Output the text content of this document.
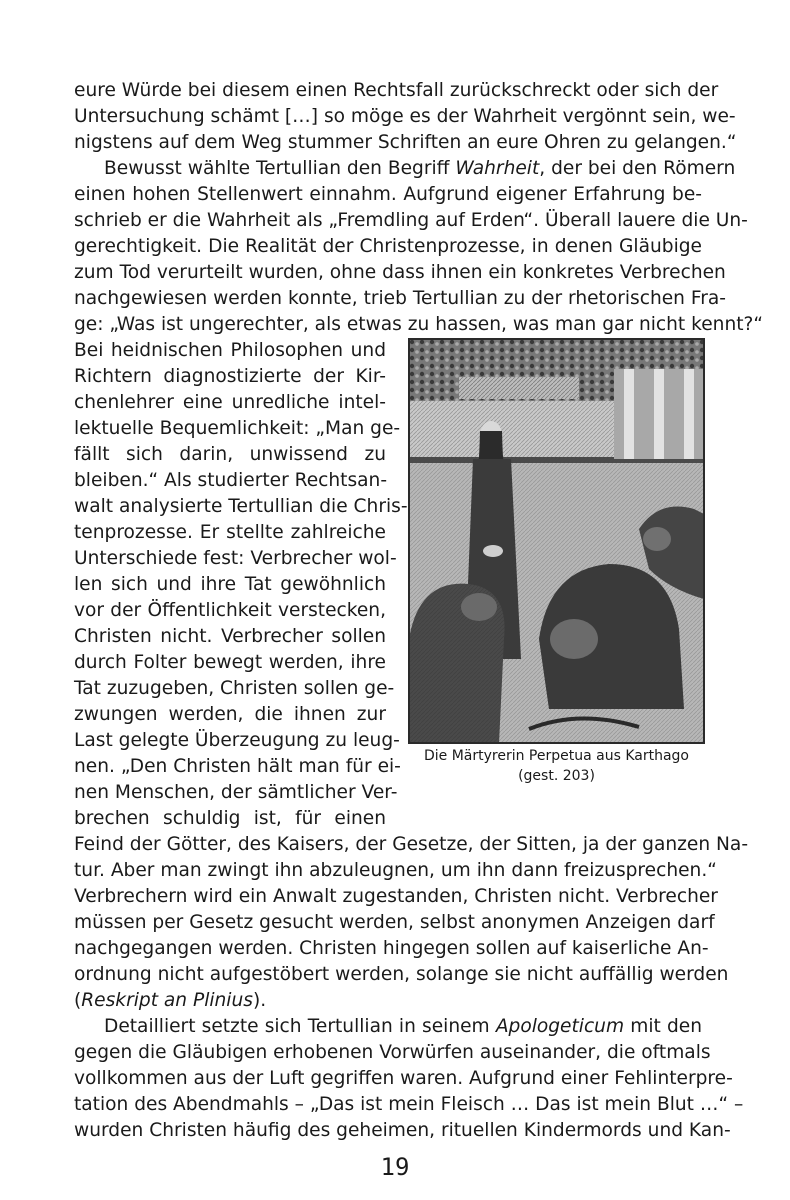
eure Würde bei diesem einen Rechtsfall zurückschreckt oder sich der
Untersuchung schämt […] so möge es der Wahrheit vergönnt sein, we-
nigstens auf dem Weg stummer Schriften an eure Ohren zu gelangen.“
Bewusst wählte Tertullian den Begriff Wahrheit, der bei den Römern
einen hohen Stellenwert einnahm. Aufgrund eigener Erfahrung be-
schrieb er die Wahrheit als „Fremdling auf Erden“. Überall lauere die Un-
gerechtigkeit. Die Realität der Christenprozesse, in denen Gläubige
zum Tod verurteilt wurden, ohne dass ihnen ein konkretes Verbrechen
nachgewiesen werden konnte, trieb Tertullian zu der rhetorischen Fra-
ge: „Was ist ungerechter, als etwas zu hassen, was man gar nicht kennt?“
Bei heidnischen Philosophen und
Richtern diagnostizierte der Kir-
chenlehrer eine unredliche intel-
lektuelle Bequemlichkeit: „Man ge-
fällt sich darin, unwissend zu
bleiben.“ Als studierter Rechtsan-
walt analysierte Tertullian die Chris-
tenprozesse. Er stellte zahlreiche
Unterschiede fest: Verbrecher wol-
len sich und ihre Tat gewöhnlich
vor der Öffentlichkeit verstecken,
Christen nicht. Verbrecher sollen
durch Folter bewegt werden, ihre
Tat zuzugeben, Christen sollen ge-
zwungen werden, die ihnen zur
Last gelegte Überzeugung zu leug-
nen. „Den Christen hält man für ei-
nen Menschen, der sämtlicher Ver-
brechen schuldig ist, für einen
Die Märtyrerin Perpetua aus Karthago
(gest. 203)
Feind der Götter, des Kaisers, der Gesetze, der Sitten, ja der ganzen Na-
tur. Aber man zwingt ihn abzuleugnen, um ihn dann freizusprechen.“
Verbrechern wird ein Anwalt zugestanden, Christen nicht. Verbrecher
müssen per Gesetz gesucht werden, selbst anonymen Anzeigen darf
nachgegangen werden. Christen hingegen sollen auf kaiserliche An-
ordnung nicht aufgestöbert werden, solange sie nicht auffällig werden
(Reskript an Plinius).
Detailliert setzte sich Tertullian in seinem Apologeticum mit den
gegen die Gläubigen erhobenen Vorwürfen auseinander, die oftmals
vollkommen aus der Luft gegriffen waren. Aufgrund einer Fehlinterpre-
tation des Abendmahls – „Das ist mein Fleisch … Das ist mein Blut …“ –
wurden Christen häufig des geheimen, rituellen Kindermords und Kan-
19
